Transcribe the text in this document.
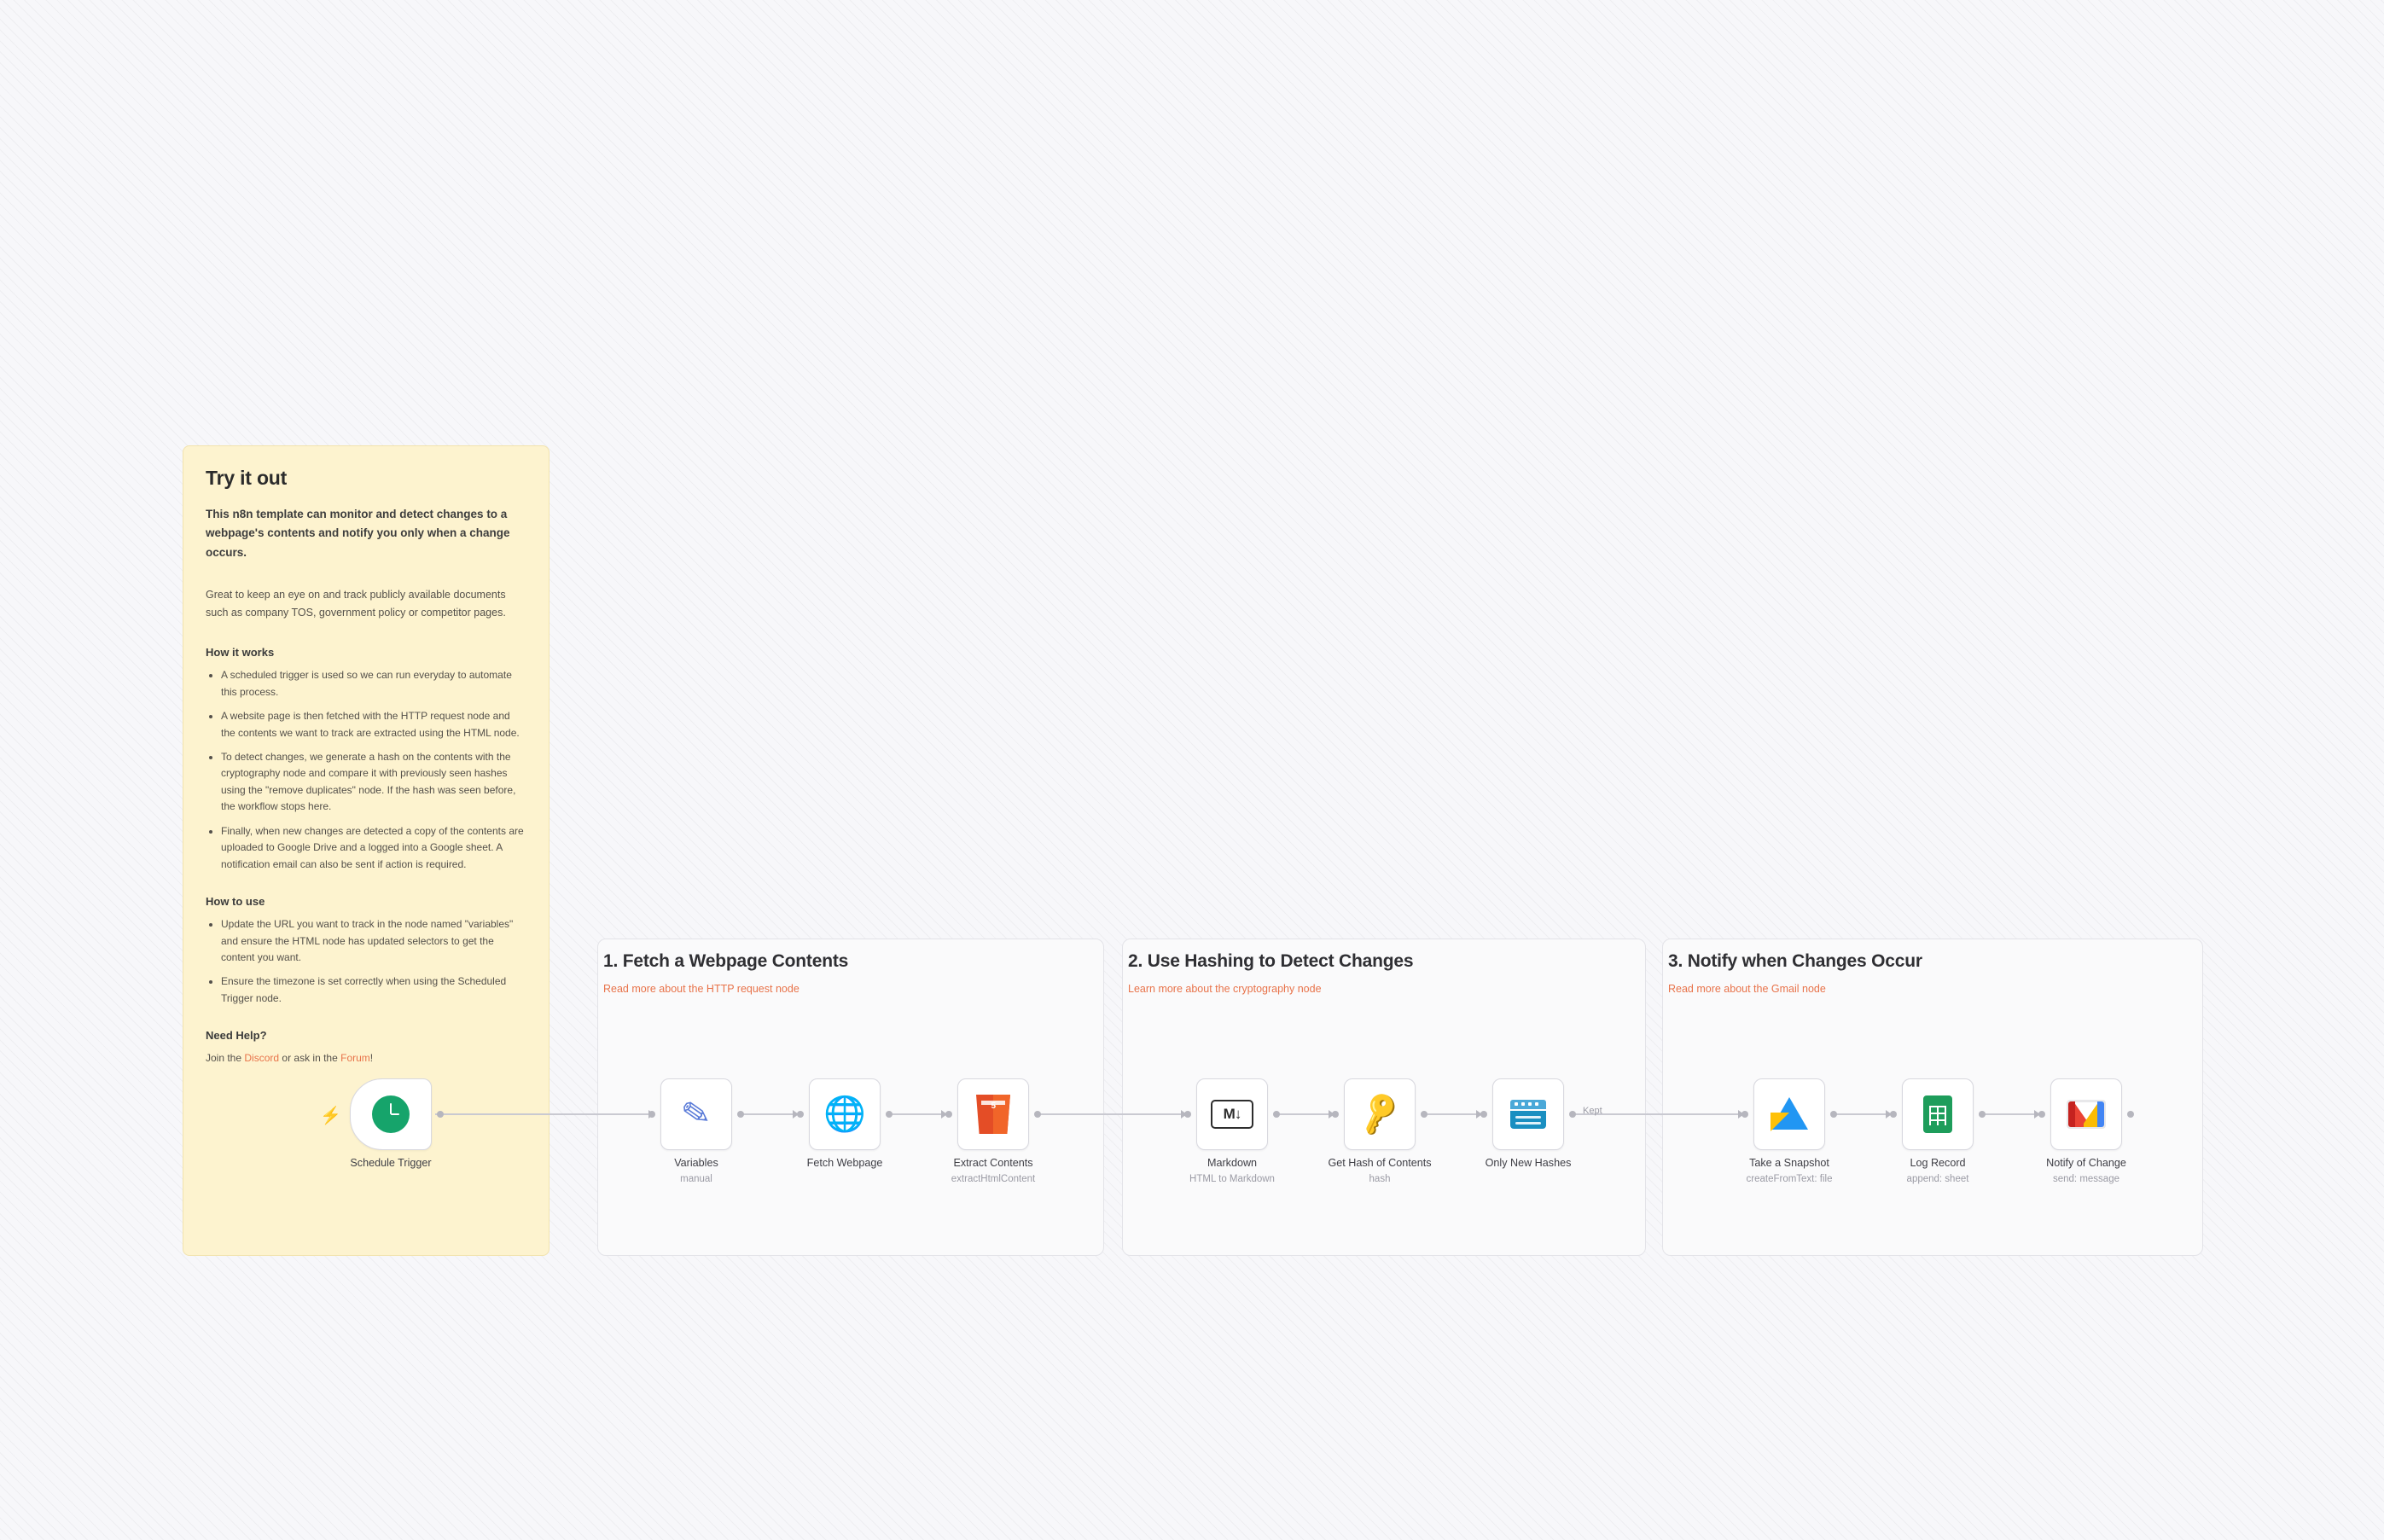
Try it out
This n8n template can monitor and detect changes to a webpage's contents and notify you only when a change occurs.

Great to keep an eye on and track publicly available documents such as company TOS, government policy or competitor pages.

How it works
• A scheduled trigger is used so we can run everyday to automate this process.
• A website page is then fetched with the HTTP request node and the contents we want to track are extracted using the HTML node.
• To detect changes, we generate a hash on the contents with the cryptography node and compare it with previously seen hashes using the "remove duplicates" node. If the hash was seen before, the workflow stops here.
• Finally, when new changes are detected a copy of the contents are uploaded to Google Drive and a logged into a Google sheet. A notification email can also be sent if action is required.
How to use
• Update the URL you want to track in the node named "variables" and ensure the HTML node has updated selectors to get the content you want.
• Ensure the timezone is set correctly when using the Scheduled Trigger node.
Need Help?

Join the Discord or ask in the Forum!

1. Fetch a Webpage Contents
Read more about the HTTP request node
2. Use Hashing to Detect Changes
Learn more about the cryptography node
3. Notify when Changes Occur
Read more about the Gmail node
Kept
⚡
Schedule Trigger
✎
Variables
manual
🌐
Fetch Webpage
5
Extract Contents
extractHtmlContent
M↓
Markdown
HTML to Markdown
🔑
Get Hash of Contents
hash
Only New Hashes	Take a Snapshot
createFromText: file
Log Record
append: sheet
Notify of Change
send: message
